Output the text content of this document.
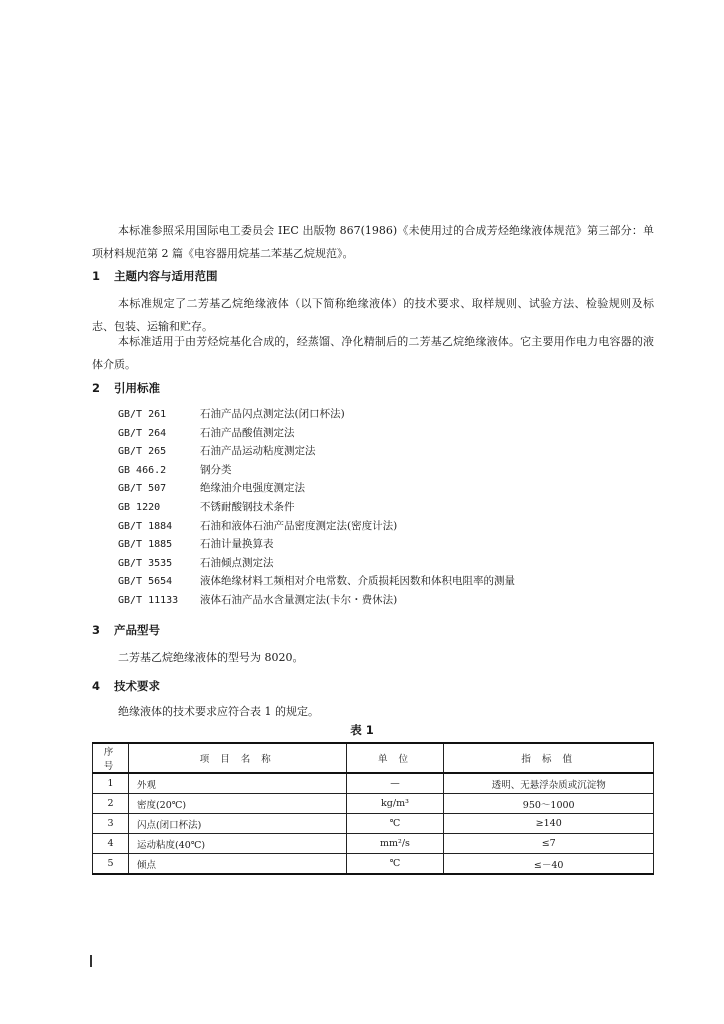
本标准参照采用国际电工委员会 IEC 出版物 867(1986)《未使用过的合成芳烃绝缘液体规范》第三部分：单项材料规范第 2 篇《电容器用烷基二苯基乙烷规范》。

1 主题内容与适用范围

本标准规定了二芳基乙烷绝缘液体（以下简称绝缘液体）的技术要求、取样规则、试验方法、检验规则及标志、包装、运输和贮存。

本标准适用于由芳烃烷基化合成的，经蒸馏、净化精制后的二芳基乙烷绝缘液体。它主要用作电力电容器的液体介质。

2 引用标准

GB/T 261	石油产品闪点测定法(闭口杯法)
GB/T 264	石油产品酸值测定法
GB/T 265	石油产品运动粘度测定法
GB 466.2	钢分类
GB/T 507	绝缘油介电强度测定法
GB 1220	不锈耐酸钢技术条件
GB/T 1884	石油和液体石油产品密度测定法(密度计法)
GB/T 1885	石油计量换算表
GB/T 3535	石油倾点测定法
GB/T 5654	液体绝缘材料工频相对介电常数、介质损耗因数和体积电阻率的测量
GB/T 11133 液体石油产品水含量测定法(卡尔・费休法)

3 产品型号

二芳基乙烷绝缘液体的型号为 8020。

4 技术要求

绝缘液体的技术要求应符合表 1 的规定。

表 1
序 号	项 目 名 称	单 位	指 标 值
1	外观	—	透明、无悬浮杂质或沉淀物
2	密度(20℃)	kg/m³	950～1000
3	闪点(闭口杯法)	℃	≥140
4	运动粘度(40℃)	mm²/s	≤7
5	倾点	℃	≤－40
